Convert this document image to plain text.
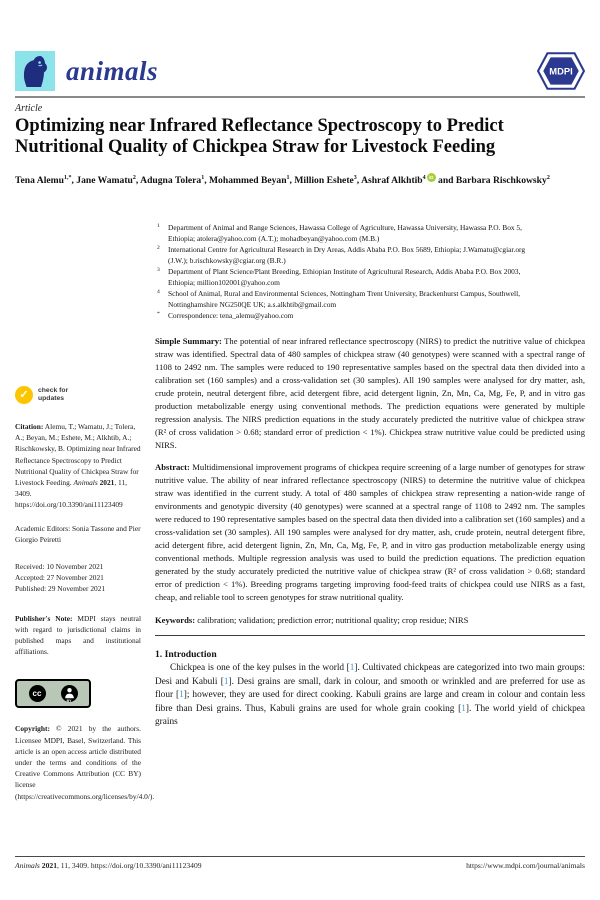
animals	MDPI
Article
Optimizing near Infrared Reflectance Spectroscopy to Predict Nutritional Quality of Chickpea Straw for Livestock Feeding
Tena Alemu$^{1,*}$, Jane Wamatu$^2$, Adugna Tolera$^1$, Mohammed Beyan$^1$, Million Eshete$^3$, Ashraf Alkhtib$^4$ iD and Barbara Rischkowsky$^2$
✓	check for
updates
Citation: Alemu, T.; Wamatu, J.; Tolera, A.; Beyan, M.; Eshete, M.; Alkhtib, A.; Rischkowsky, B. Optimizing near Infrared Reflectance Spectroscopy to Predict Nutritional Quality of Chickpea Straw for Livestock Feeding. Animals 2021, 11, 3409. https://doi.org/10.3390/ani11123409
Academic Editors: Sonia Tassone and Pier Giorgio Peiretti
Received: 10 November 2021
Accepted: 27 November 2021
Published: 29 November 2021
Publisher's Note: MDPI stays neutral with regard to jurisdictional claims in published maps and institutional affiliations.
cc
BY
Copyright: © 2021 by the authors. Licensee MDPI, Basel, Switzerland. This article is an open access article distributed under the terms and conditions of the Creative Commons Attribution (CC BY) license (https://creativecommons.org/licenses/by/4.0/).
1 Department of Animal and Range Sciences, Hawassa College of Agriculture, Hawassa University, Hawassa P.O. Box 5, Ethiopia; atolera@yahoo.com (A.T.); mohadbeyan@yahoo.com (M.B.)
2 International Centre for Agricultural Research in Dry Areas, Addis Ababa P.O. Box 5689, Ethiopia; J.Wamatu@cgiar.org (J.W.); b.rischkowsky@cgiar.org (B.R.)
3 Department of Plant Science/Plant Breeding, Ethiopian Institute of Agricultural Research, Addis Ababa P.O. Box 2003, Ethiopia; million102001@yahoo.com
4 School of Animal, Rural and Environmental Sciences, Nottingham Trent University, Brackenhurst Campus, Southwell, Nottinghamshire NG250QE UK; a.s.alkhtib@gmail.com
* Correspondence: tena_alemu@yahoo.com
Simple Summary: The potential of near infrared reflectance spectroscopy (NIRS) to predict the nutritive value of chickpea straw was identified. Spectral data of 480 samples of chickpea straw (40 genotypes) were scanned with a spectral range of 1108 to 2492 nm. The samples were reduced to 190 representative samples based on the spectral data then divided into a calibration set (160 samples) and a cross-validation set (30 samples). All 190 samples were analysed for dry matter, ash, crude protein, neutral detergent fibre, acid detergent fibre, acid detergent lignin, Zn, Mn, Ca, Mg, Fe, P, and in vitro gas production metabolizable energy using conventional methods. The prediction equations were generated by multiple regression analysis. The NIRS prediction equations in the study accurately predicted the nutritive value of chickpea straw (R² of cross validation > 0.68; standard error of prediction < 1%). Chickpea straw nutritive value could be predicted using NIRS.
Abstract: Multidimensional improvement programs of chickpea require screening of a large number of genotypes for straw nutritive value. The ability of near infrared reflectance spectroscopy (NIRS) to determine the nutritive value of chickpea straw was identified in the current study. A total of 480 samples of chickpea straw representing a nation-wide range of environments and genotypic diversity (40 genotypes) were scanned at a spectral range of 1108 to 2492 nm. The samples were reduced to 190 representative samples based on the spectral data then divided into a calibration set (160 samples) and a cross-validation set (30 samples). All 190 samples were analysed for dry matter, ash, crude protein, neutral detergent fibre, acid detergent fibre, acid detergent lignin, Zn, Mn, Ca, Mg, Fe, P, and in vitro gas production metabolizable energy using conventional methods. Multiple regression analysis was used to build the prediction equations. The prediction equation generated by the study accurately predicted the nutritive value of chickpea straw (R² of cross validation > 0.68; standard error of prediction < 1%). Breeding programs targeting improving food-feed traits of chickpea could use NIRS as a fast, cheap, and reliable tool to screen genotypes for straw nutritional quality.
Keywords: calibration; validation; prediction error; nutritional quality; crop residue; NIRS
1. Introduction
Chickpea is one of the key pulses in the world [1]. Cultivated chickpeas are categorized into two main groups: Desi and Kabuli [1]. Desi grains are small, dark in colour, and smooth or wrinkled and are preferred for use as flour [1]; however, they are used for direct cooking. Kabuli grains are large and cream in colour and contain less fibre than Desi grains. Thus, Kabuli grains are used for whole grain cooking [1]. The world yield of chickpea grains
Animals 2021, 11, 3409. https://doi.org/10.3390/ani11123409	https://www.mdpi.com/journal/animals
